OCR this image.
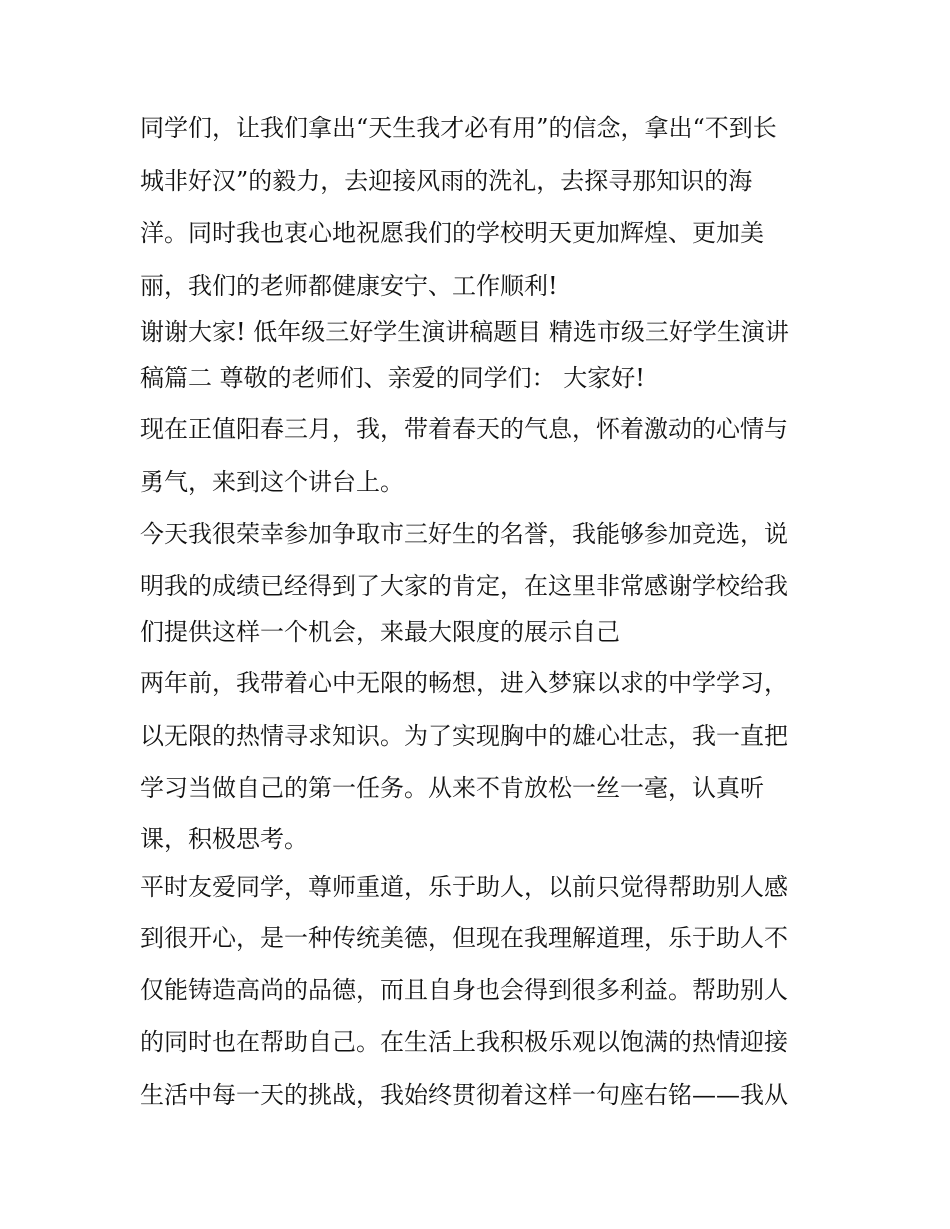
同学们，让我们拿出“天生我才必有用”的信念，拿出“不到长
城非好汉”的毅力，去迎接风雨的洗礼，去探寻那知识的海
洋。同时我也衷心地祝愿我们的学校明天更加辉煌、更加美
丽，我们的老师都健康安宁、工作顺利!
谢谢大家! 低年级三好学生演讲稿题目 精选市级三好学生演讲
稿篇二 尊敬的老师们、亲爱的同学们： 大家好!
现在正值阳春三月，我，带着春天的气息，怀着激动的心情与
勇气，来到这个讲台上。
今天我很荣幸参加争取市三好生的名誉，我能够参加竞选，说
明我的成绩已经得到了大家的肯定，在这里非常感谢学校给我
们提供这样一个机会，来最大限度的展示自己
两年前，我带着心中无限的畅想，进入梦寐以求的中学学习，
以无限的热情寻求知识。为了实现胸中的雄心壮志，我一直把
学习当做自己的第一任务。从来不肯放松一丝一毫，认真听
课，积极思考。
平时友爱同学，尊师重道，乐于助人，以前只觉得帮助别人感
到很开心，是一种传统美德，但现在我理解道理，乐于助人不
仅能铸造高尚的品德，而且自身也会得到很多利益。帮助别人
的同时也在帮助自己。在生活上我积极乐观以饱满的热情迎接
生活中每一天的挑战，我始终贯彻着这样一句座右铭——我从
